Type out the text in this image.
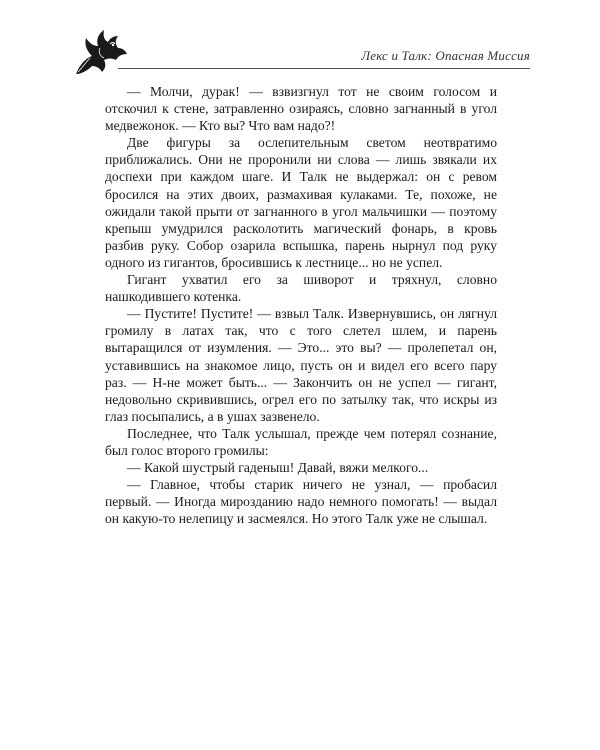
Лекс и Талк: Опасная Миссия

— Молчи, дурак! — взвизгнул тот не своим голосом и отскочил к стене, затравленно озираясь, словно загнанный в угол медвежонок. — Кто вы? Что вам надо?!

Две фигуры за ослепительным светом неотвратимо приближались. Они не проронили ни слова — лишь звякали их доспехи при каждом шаге. И Талк не выдержал: он с ревом бросился на этих двоих, размахивая кулаками. Те, похоже, не ожидали такой прыти от загнанного в угол мальчишки — поэтому крепыш умудрился расколотить магический фонарь, в кровь разбив руку. Собор озарила вспышка, парень нырнул под руку одного из гигантов, бросившись к лестнице... но не успел.

Гигант ухватил его за шиворот и тряхнул, словно нашкодившего котенка.

— Пустите! Пустите! — взвыл Талк. Извернувшись, он лягнул громилу в латах так, что с того слетел шлем, и парень вытаращился от изумления. — Это... это вы? — пролепетал он, уставившись на знакомое лицо, пусть он и видел его всего пару раз. — Н-не может быть... — Закончить он не успел — гигант, недовольно скривившись, огрел его по затылку так, что искры из глаз посыпались, а в ушах зазвенело.

Последнее, что Талк услышал, прежде чем потерял сознание, был голос второго громилы:

— Какой шустрый гаденыш! Давай, вяжи мелкого...

— Главное, чтобы старик ничего не узнал, — пробасил первый. — Иногда мирозданию надо немного помогать! — выдал он какую-то нелепицу и засмеялся. Но этого Талк уже не слышал.
